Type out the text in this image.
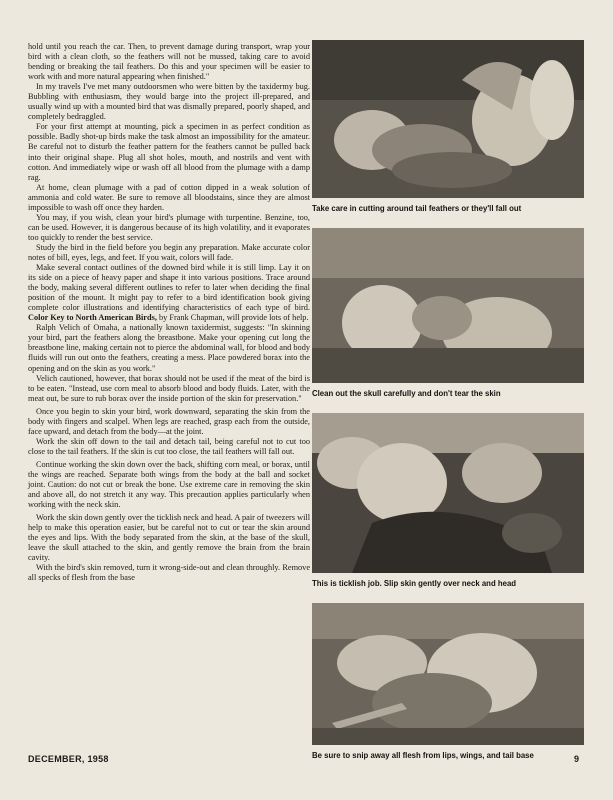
hold until you reach the car. Then, to prevent damage during transport, wrap your bird with a clean cloth, so the feathers will not be mussed, taking care to avoid bending or breaking the tail feathers. Do this and your specimen will be easier to work with and more natural appearing when finished."

In my travels I've met many outdoorsmen who were bitten by the taxidermy bug. Bubbling with enthusiasm, they would barge into the project ill-prepared, and usually wind up with a mounted bird that was dismally prepared, poorly shaped, and completely bedraggled.

For your first attempt at mounting, pick a specimen in as perfect condition as possible. Badly shot-up birds make the task almost an impossibility for the amateur. Be careful not to disturb the feather pattern for the feathers cannot be pulled back into their original shape. Plug all shot holes, mouth, and nostrils and vent with cotton. And immediately wipe or wash off all blood from the plumage with a damp rag.

At home, clean plumage with a pad of cotton dipped in a weak solution of ammonia and cold water. Be sure to remove all bloodstains, since they are almost impossible to wash off once they harden.

You may, if you wish, clean your bird's plumage with turpentine. Benzine, too, can be used. However, it is dangerous because of its high volatility, and it evaporates too quickly to render the best service.

Study the bird in the field before you begin any preparation. Make accurate color notes of bill, eyes, legs, and feet. If you wait, colors will fade.

Make several contact outlines of the downed bird while it is still limp. Lay it on its side on a piece of heavy paper and shape it into various positions. Trace around the body, making several different outlines to refer to later when deciding the final position of the mount. It might pay to refer to a bird identification book giving complete color illustrations and identifying characteristics of each type of bird. Color Key to North American Birds, by Frank Chapman, will provide lots of help.

Ralph Velich of Omaha, a nationally known taxidermist, suggests: "In skinning your bird, part the feathers along the breastbone. Make your opening cut long the breastbone line, making certain not to pierce the abdominal wall, for blood and body fluids will run out onto the feathers, creating a mess. Place powdered borax into the opening and on the skin as you work."

Velich cautioned, however, that borax should not be used if the meat of the bird is to be eaten. "Instead, use corn meal to absorb blood and body fluids. Later, with the meat out, be sure to rub borax over the inside portion of the skin for preservation."

Once you begin to skin your bird, work downward, separating the skin from the body with fingers and scalpel. When legs are reached, grasp each from the outside, face upward, and detach from the body—at the joint.

Work the skin off down to the tail and detach tail, being careful not to cut too close to the tail feathers. If the skin is cut too close, the tail feathers will fall out.

Continue working the skin down over the back, shifting corn meal, or borax, until the wings are reached. Separate both wings from the body at the ball and socket joint. Caution: do not cut or break the bone. Use extreme care in removing the skin and above all, do not stretch it any way. This precaution applies particularly when working with the neck skin.

Work the skin down gently over the ticklish neck and head. A pair of tweezers will help to make this operation easier, but be careful not to cut or tear the skin around the eyes and lips. With the body separated from the skin, at the base of the skull, leave the skull attached to the skin, and gently remove the brain from the brain cavity.

With the bird's skin removed, turn it wrong-side-out and clean throughly. Remove all specks of flesh from the base

Take care in cutting around tail feathers or they'll fall out
Clean out the skull carefully and don't tear the skin
This is ticklish job. Slip skin gently over neck and head
Be sure to snip away all flesh from lips, wings, and tail base
DECEMBER, 1958	9
